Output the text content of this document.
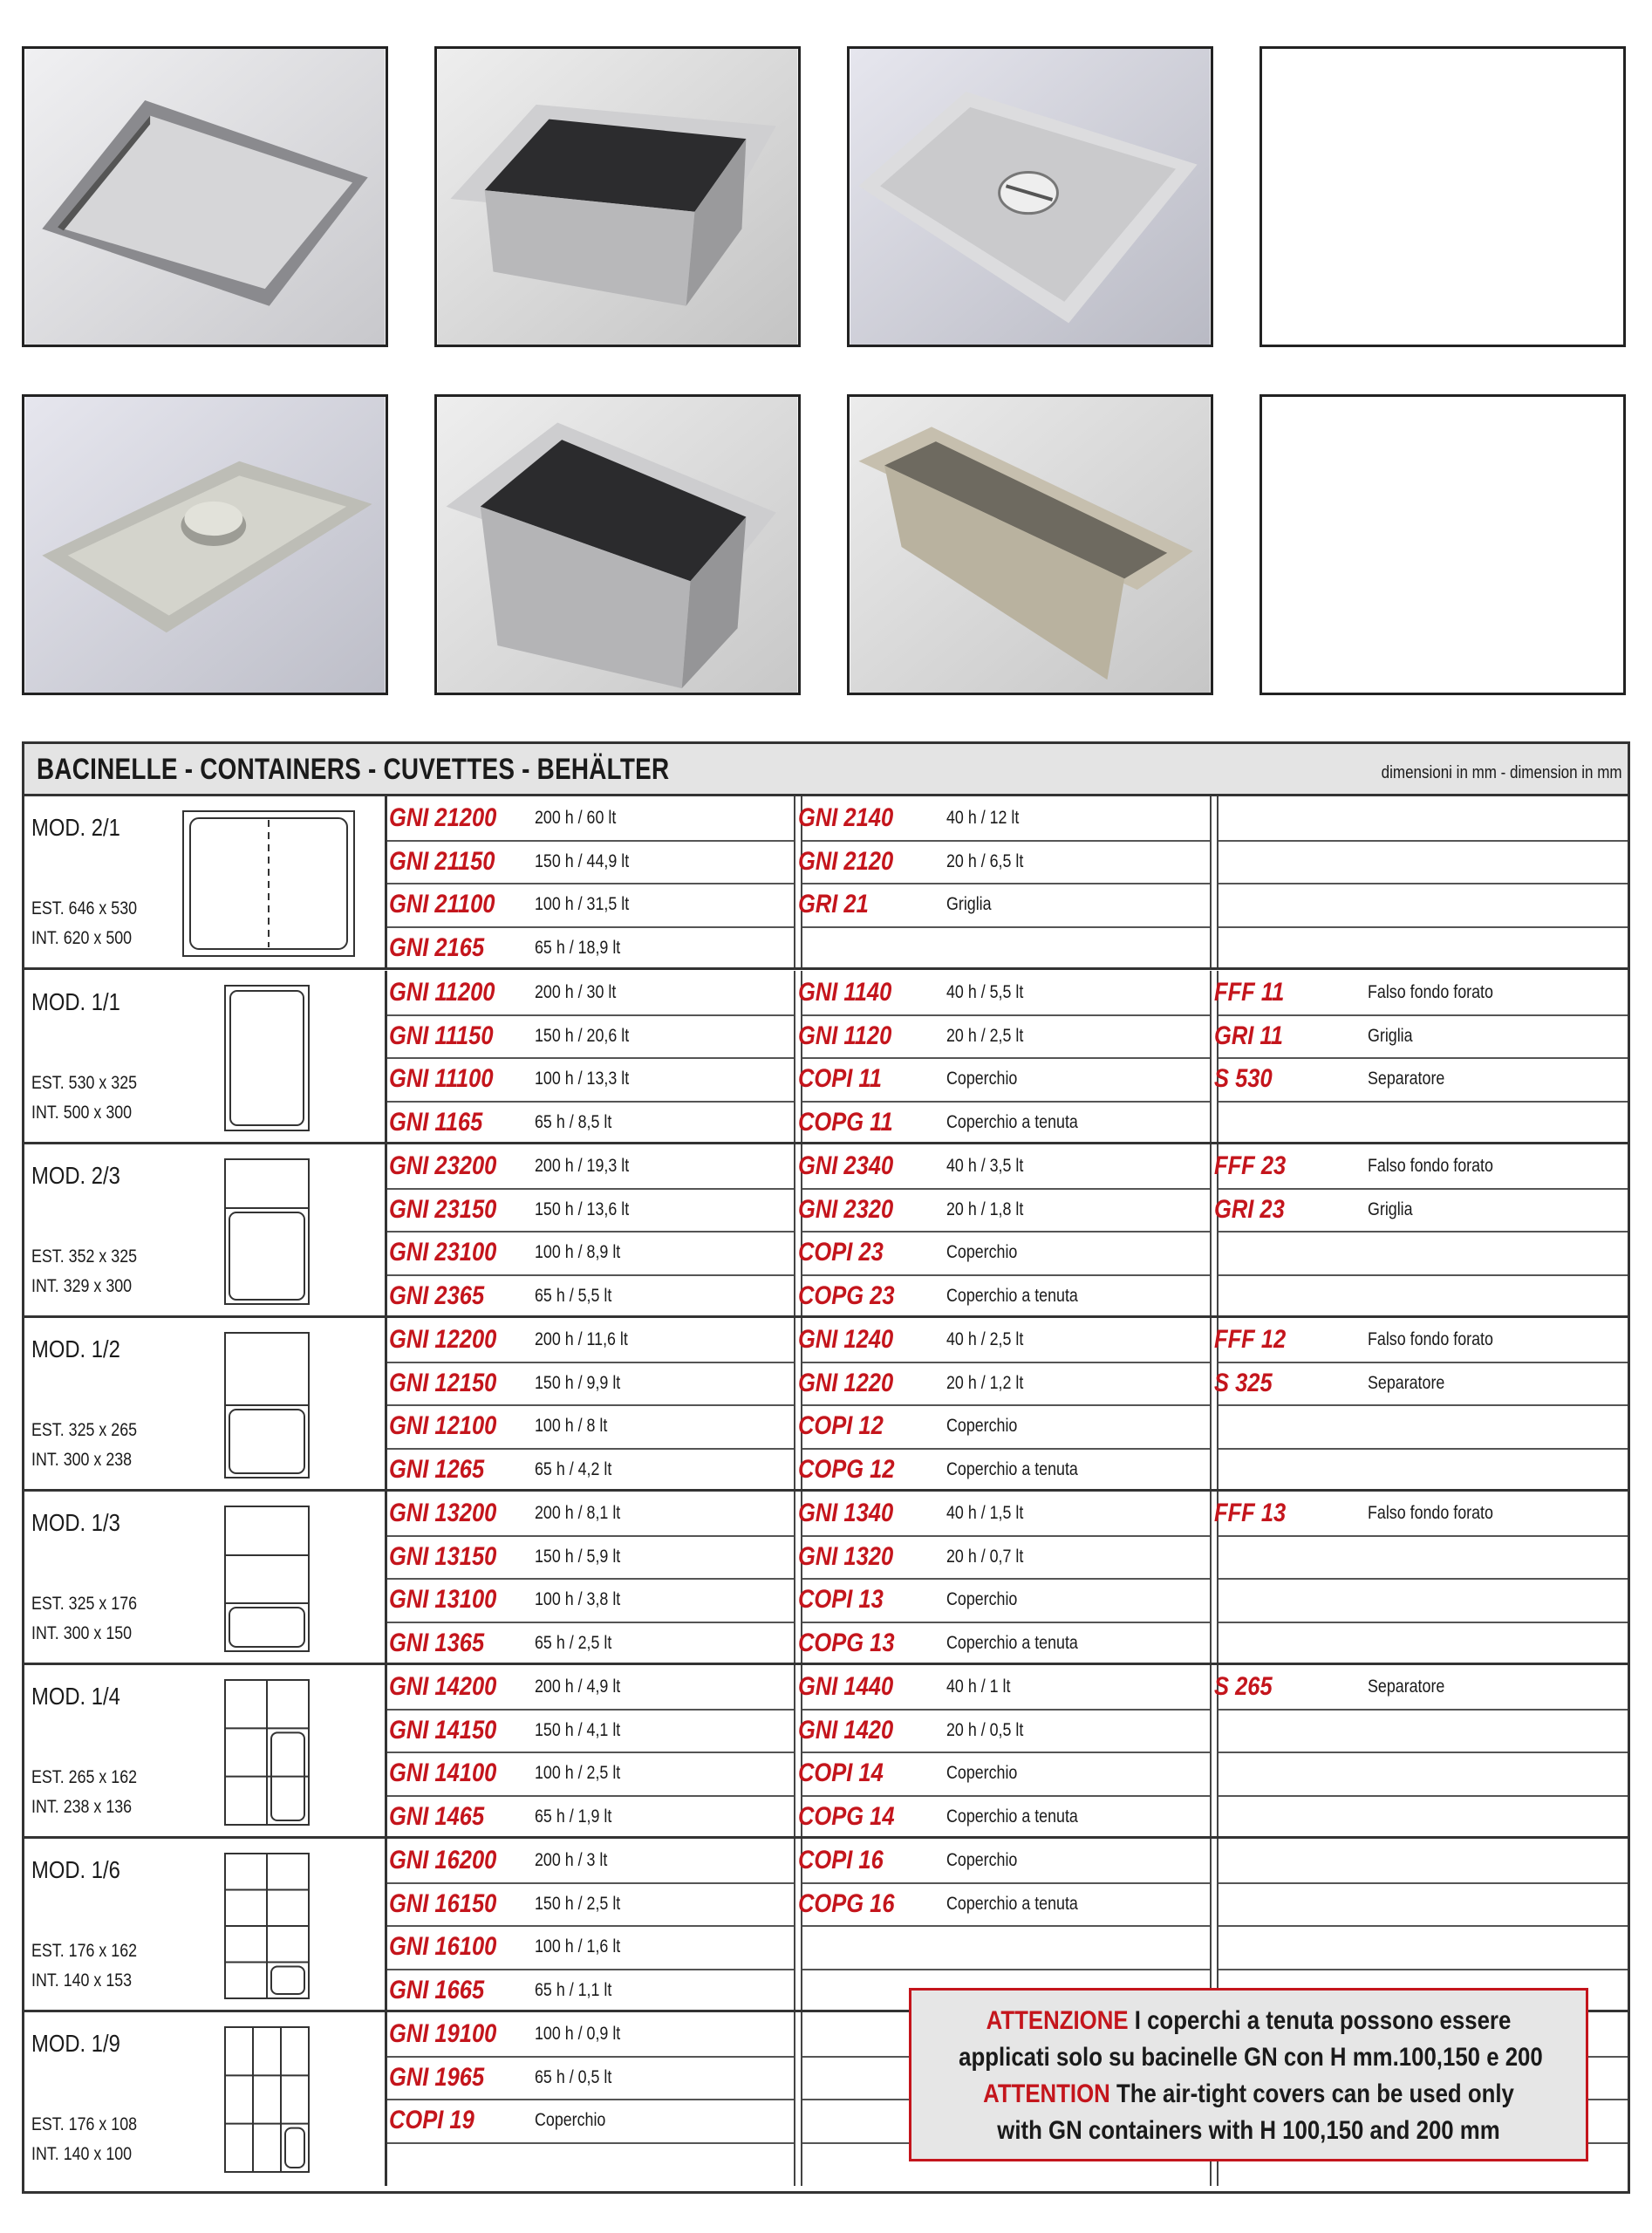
BACINELLE - CONTAINERS - CUVETTES - BEHÄLTER	dimensioni in mm - dimension in mm
MOD. 2/1
EST. 646 x 530
INT. 620 x 500
GNI 21200 200 h / 60 lt	GNI 2140	40 h / 12 lt
GNI 21150 150 h / 44,9 lt	GNI 2120	20 h / 6,5 lt
GNI 21100 100 h / 31,5 lt	GRI 21	Griglia
GNI 2165	65 h / 18,9 lt
MOD. 1/1
EST. 530 x 325
INT. 500 x 300
GNI 11200 200 h / 30 lt	GNI 1140	40 h / 5,5 lt	FFF 11	Falso fondo forato
GNI 11150 150 h / 20,6 lt	GNI 1120	20 h / 2,5 lt	GRI 11	Griglia
GNI 11100 100 h / 13,3 lt	COPI 11	Coperchio	S 530	Separatore
GNI 1165	65 h / 8,5 lt	COPG 11	Coperchio a tenuta
MOD. 2/3
EST. 352 x 325
INT. 329 x 300
GNI 23200 200 h / 19,3 lt	GNI 2340	40 h / 3,5 lt	FFF 23	Falso fondo forato
GNI 23150 150 h / 13,6 lt	GNI 2320	20 h / 1,8 lt	GRI 23	Griglia
GNI 23100 100 h / 8,9 lt	COPI 23	Coperchio
GNI 2365	65 h / 5,5 lt	COPG 23	Coperchio a tenuta
MOD. 1/2
EST. 325 x 265
INT. 300 x 238
GNI 12200 200 h / 11,6 lt	GNI 1240	40 h / 2,5 lt	FFF 12	Falso fondo forato
GNI 12150 150 h / 9,9 lt	GNI 1220	20 h / 1,2 lt	S 325	Separatore
GNI 12100 100 h / 8 lt	COPI 12	Coperchio
GNI 1265	65 h / 4,2 lt	COPG 12	Coperchio a tenuta
MOD. 1/3
EST. 325 x 176
INT. 300 x 150
GNI 13200 200 h / 8,1 lt	GNI 1340	40 h / 1,5 lt	FFF 13	Falso fondo forato
GNI 13150 150 h / 5,9 lt	GNI 1320	20 h / 0,7 lt
GNI 13100 100 h / 3,8 lt	COPI 13	Coperchio
GNI 1365	65 h / 2,5 lt	COPG 13	Coperchio a tenuta
MOD. 1/4
EST. 265 x 162
INT. 238 x 136
GNI 14200 200 h / 4,9 lt	GNI 1440	40 h / 1 lt	S 265	Separatore
GNI 14150 150 h / 4,1 lt	GNI 1420	20 h / 0,5 lt
GNI 14100 100 h / 2,5 lt	COPI 14	Coperchio
GNI 1465	65 h / 1,9 lt	COPG 14	Coperchio a tenuta
MOD. 1/6
EST. 176 x 162
INT. 140 x 153
GNI 16200 200 h / 3 lt	COPI 16	Coperchio
GNI 16150 150 h / 2,5 lt	COPG 16	Coperchio a tenuta
GNI 16100 100 h / 1,6 lt
GNI 1665	65 h / 1,1 lt
MOD. 1/9
EST. 176 x 108
INT. 140 x 100
GNI 19100 100 h / 0,9 lt
GNI 1965	65 h / 0,5 lt
COPI 19	Coperchio
ATTENZIONE I coperchi a tenuta possono essere
applicati solo su bacinelle GN con H mm.100,150 e 200
ATTENTION The air-tight covers can be used only
with GN containers with H 100,150 and 200 mm
